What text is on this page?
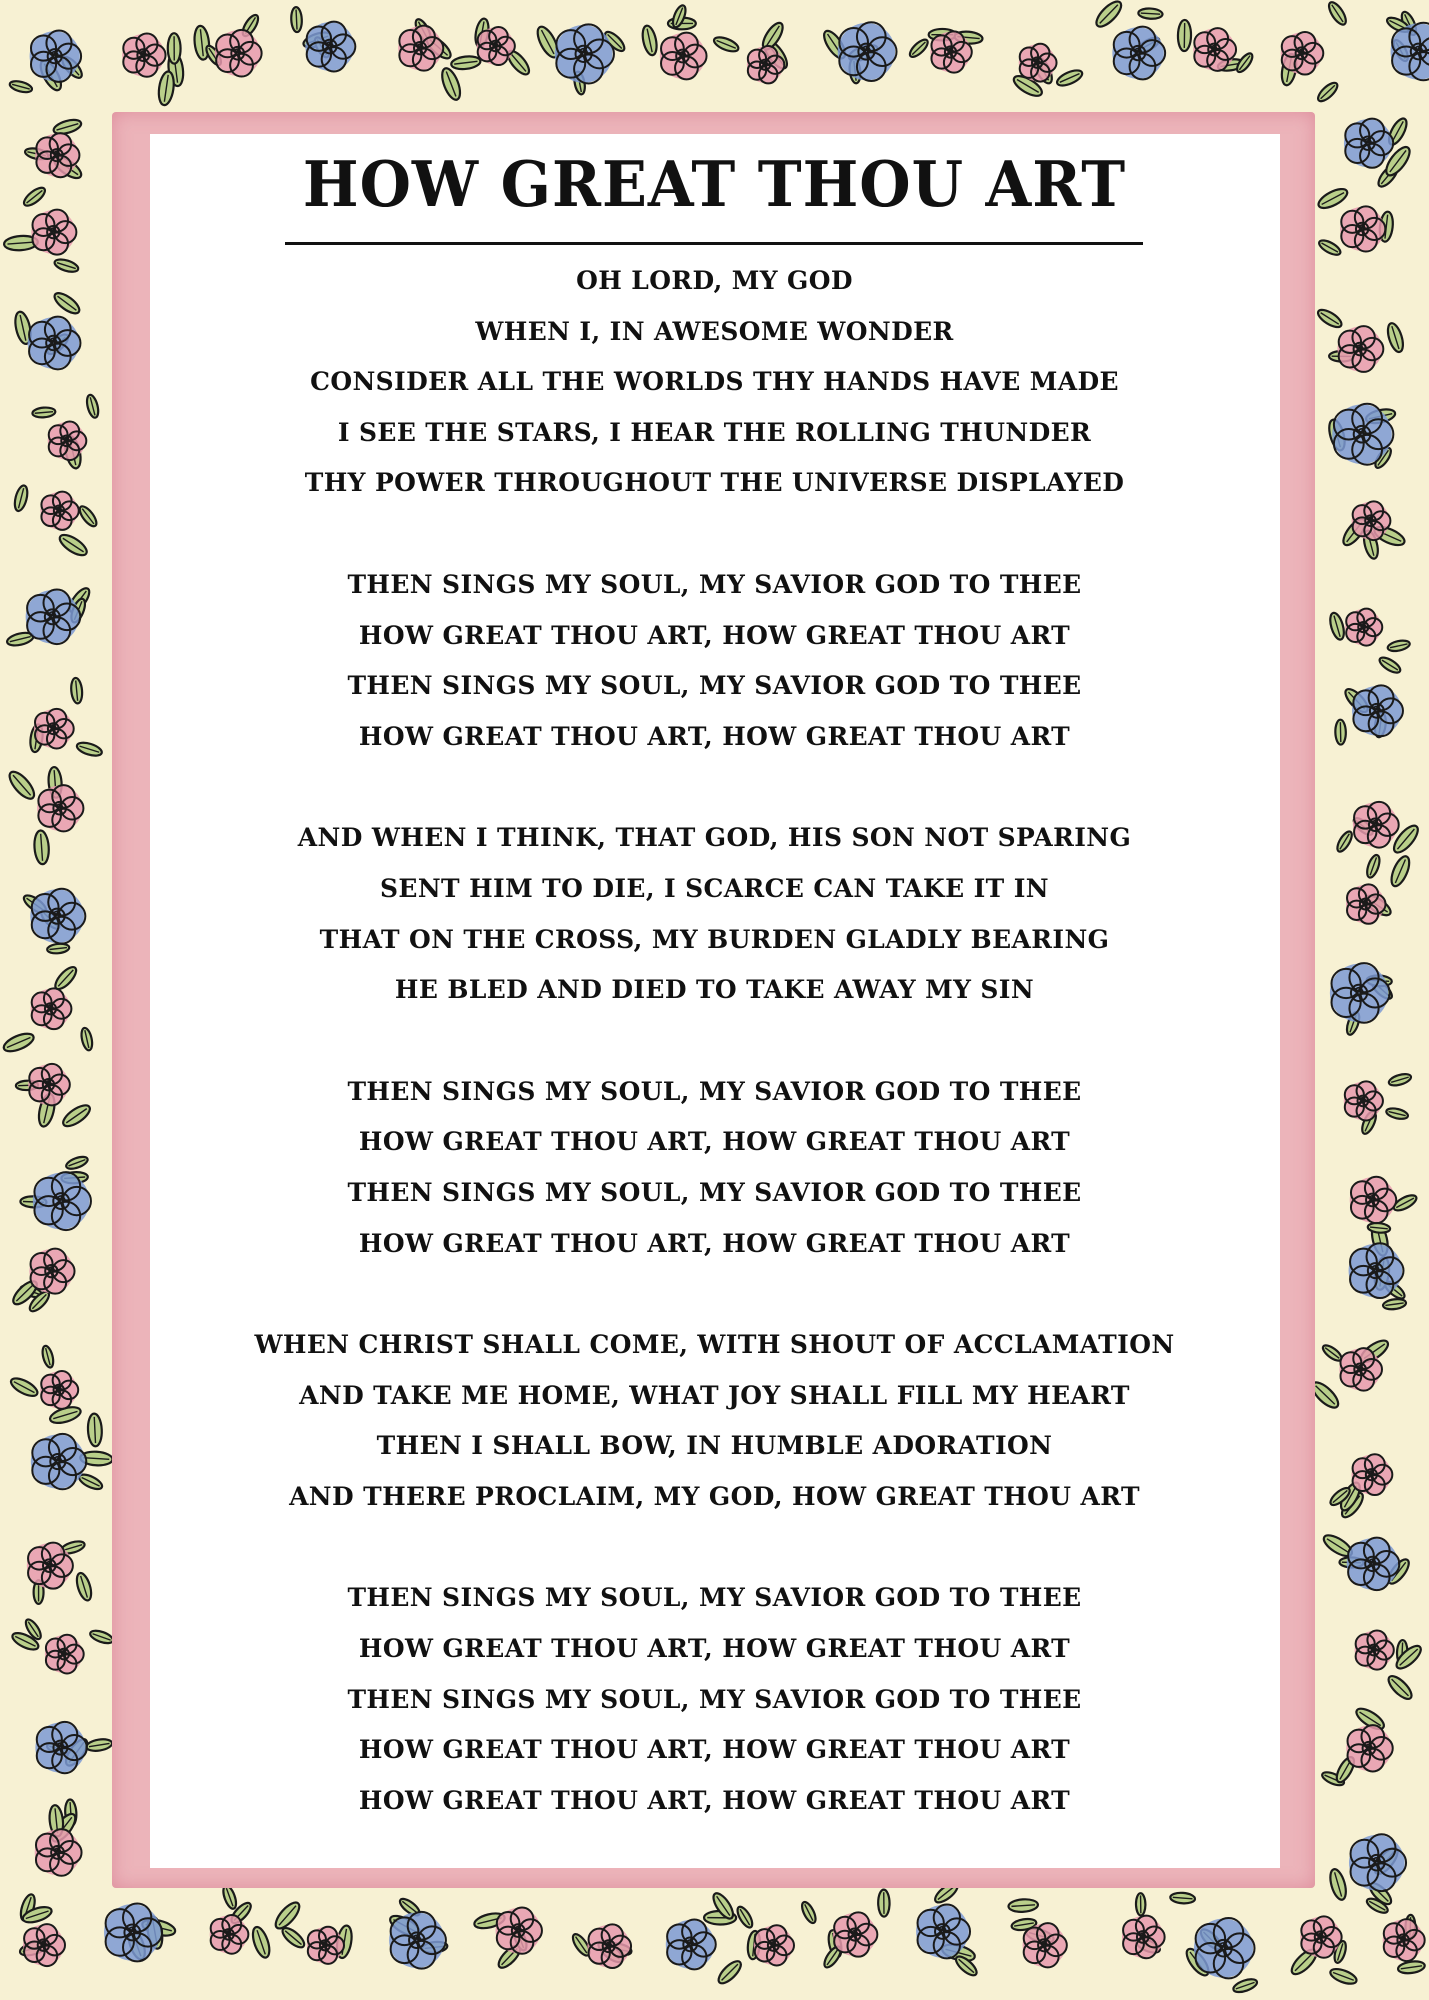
HOW GREAT THOU ART
OH LORD, MY GOD
WHEN I, IN AWESOME WONDER
CONSIDER ALL THE WORLDS THY HANDS HAVE MADE
I SEE THE STARS, I HEAR THE ROLLING THUNDER
THY POWER THROUGHOUT THE UNIVERSE DISPLAYED
THEN SINGS MY SOUL, MY SAVIOR GOD TO THEE
HOW GREAT THOU ART, HOW GREAT THOU ART
THEN SINGS MY SOUL, MY SAVIOR GOD TO THEE
HOW GREAT THOU ART, HOW GREAT THOU ART
AND WHEN I THINK, THAT GOD, HIS SON NOT SPARING
SENT HIM TO DIE, I SCARCE CAN TAKE IT IN
THAT ON THE CROSS, MY BURDEN GLADLY BEARING
HE BLED AND DIED TO TAKE AWAY MY SIN
THEN SINGS MY SOUL, MY SAVIOR GOD TO THEE
HOW GREAT THOU ART, HOW GREAT THOU ART
THEN SINGS MY SOUL, MY SAVIOR GOD TO THEE
HOW GREAT THOU ART, HOW GREAT THOU ART
WHEN CHRIST SHALL COME, WITH SHOUT OF ACCLAMATION
AND TAKE ME HOME, WHAT JOY SHALL FILL MY HEART
THEN I SHALL BOW, IN HUMBLE ADORATION
AND THERE PROCLAIM, MY GOD, HOW GREAT THOU ART
THEN SINGS MY SOUL, MY SAVIOR GOD TO THEE
HOW GREAT THOU ART, HOW GREAT THOU ART
THEN SINGS MY SOUL, MY SAVIOR GOD TO THEE
HOW GREAT THOU ART, HOW GREAT THOU ART
HOW GREAT THOU ART, HOW GREAT THOU ART
